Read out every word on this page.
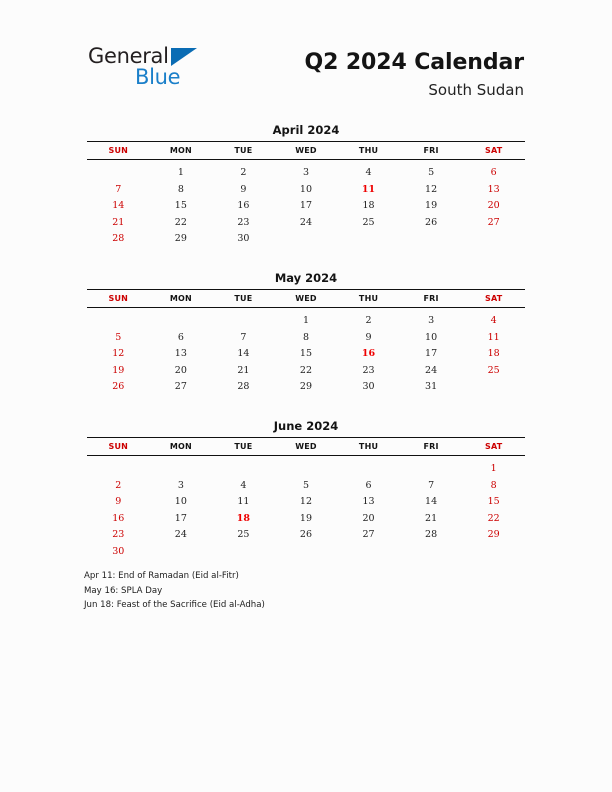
General
Blue
Q2 2024 Calendar
South Sudan
April 2024
SUN	MON	TUE	WED	THU	FRI	SAT
	1	2	3	4	5	6
7	8	9	10	11	12	13
14	15	16	17	18	19	20
21	22	23	24	25	26	27
28	29	30				
May 2024
SUN	MON	TUE	WED	THU	FRI	SAT
			1	2	3	4
5	6	7	8	9	10	11
12	13	14	15	16	17	18
19	20	21	22	23	24	25
26	27	28	29	30	31	
June 2024
SUN	MON	TUE	WED	THU	FRI	SAT
						1
2	3	4	5	6	7	8
9	10	11	12	13	14	15
16	17	18	19	20	21	22
23	24	25	26	27	28	29
30						
Apr 11: End of Ramadan (Eid al-Fitr)
May 16: SPLA Day
Jun 18: Feast of the Sacrifice (Eid al-Adha)
